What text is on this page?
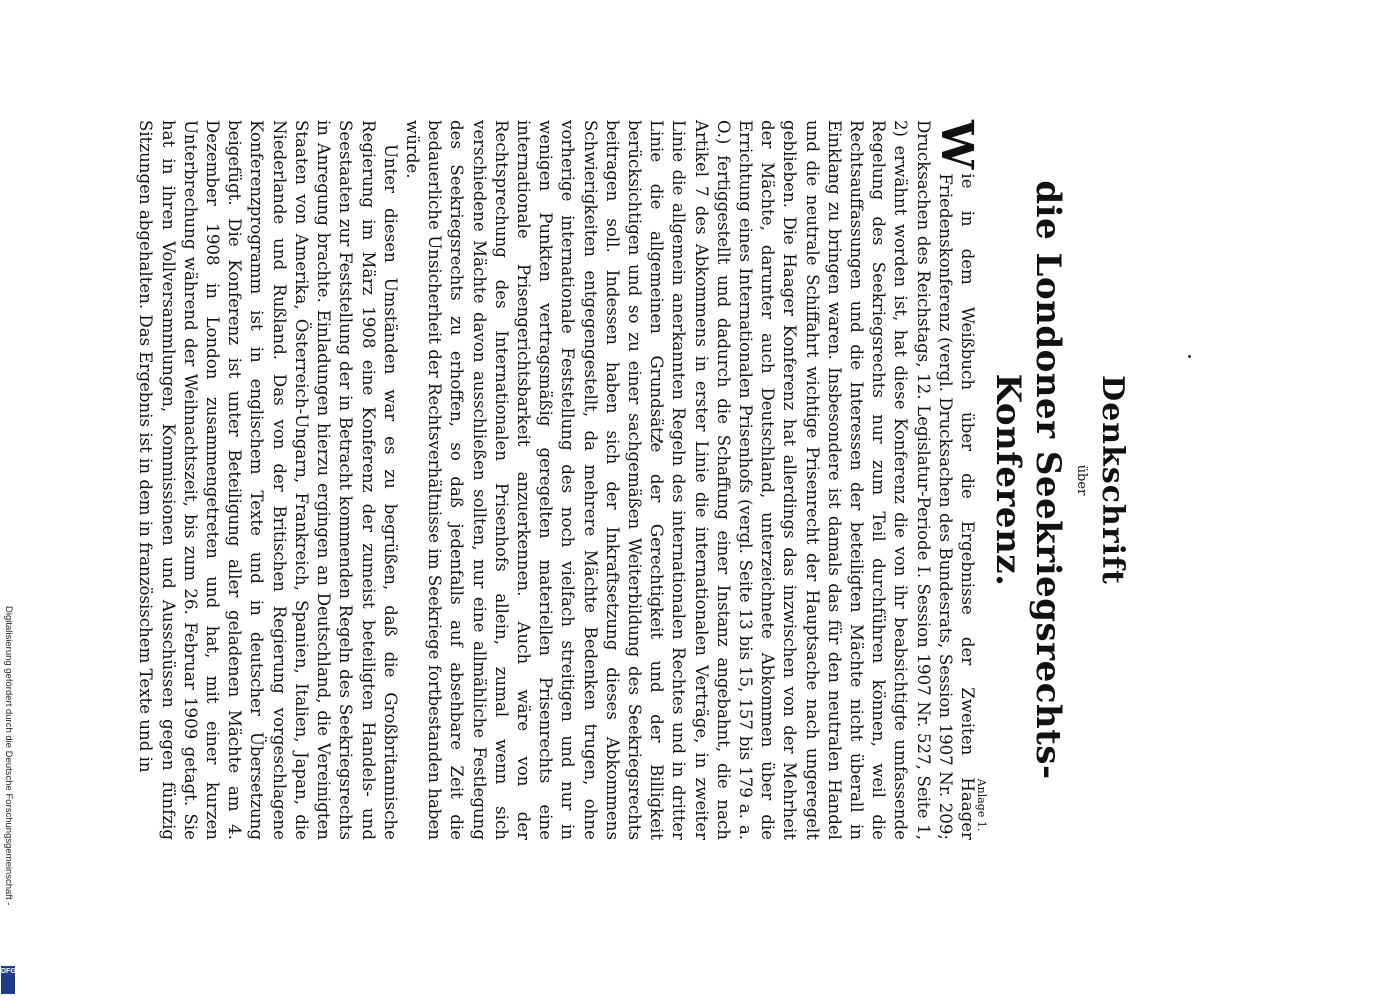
Digitalisierung gefördert durch die Deutsche Forschungsgemeinschaft -
DFG
Denkschrift
über
die Londoner Seekriegsrechts-Konferenz.
Anlage 1.

W
ie in dem Weißbuch über die Ergebnisse der Zweiten Haager Friedenskonferenz (vergl. Drucksachen des Bundesrats, Session 1907 Nr. 209; Drucksachen des Reichstags, 12. Legislatur-Periode I. Session 1907 Nr. 527, Seite 1, 2) erwähnt worden ist, hat diese Konferenz die von ihr beabsichtigte umfassende Regelung des Seekriegsrechts nur zum Teil durchführen können, weil die Rechtsauffassungen und die Interessen der beteiligten Mächte nicht überall in Einklang zu bringen waren. Insbesondere ist damals das für den neutralen Handel und die neutrale Schiffahrt wichtige Prisenrecht der Hauptsache nach ungeregelt geblieben. Die Haager Konferenz hat allerdings das inzwischen von der Mehrheit der Mächte, darunter auch Deutschland, unterzeichnete Abkommen über die Errichtung eines Internationalen Prisenhofs (vergl. Seite 13 bis 15, 157 bis 179 a. a. O.) fertiggestellt und dadurch die Schaffung einer Instanz angebahnt, die nach Artikel 7 des Abkommens in erster Linie die internationalen Verträge, in zweiter Linie die allgemein anerkannten Regeln des internationalen Rechtes und in dritter Linie die allgemeinen Grundsätze der Gerechtigkeit und der Billigkeit berücksichtigen und so zu einer sachgemäßen Weiterbildung des Seekriegsrechts beitragen soll. Indessen haben sich der Inkraftsetzung dieses Abkommens Schwierigkeiten entgegengestellt, da mehrere Mächte Bedenken trugen, ohne vorherige internationale Feststellung des noch vielfach streitigen und nur in wenigen Punkten vertragsmäßig geregelten materiellen Prisenrechts eine internationale Prisengerichtsbarkeit anzuerkennen. Auch wäre von der Rechtsprechung des Internationalen Prisenhofs allein, zumal wenn sich verschiedene Mächte davon ausschließen sollten, nur eine allmähliche Festlegung des Seekriegsrechts zu erhoffen, so daß jedenfalls auf absehbare Zeit die bedauerliche Unsicherheit der Rechtsverhältnisse im Seekriege fortbestanden haben würde.

Unter diesen Umständen war es zu begrüßen, daß die Großbritannische Regierung im März 1908 eine Konferenz der zumeist beteiligten Handels- und Seestaaten zur Feststellung der in Betracht kommenden Regeln des Seekriegsrechts in Anregung brachte. Einladungen hierzu ergingen an Deutschland, die Vereinigten Staaten von Amerika, Österreich-Ungarn, Frankreich, Spanien, Italien, Japan, die Niederlande und Rußland. Das von der Britischen Regierung vorgeschlagene Konferenzprogramm ist in englischem Texte und in deutscher Übersetzung beigefügt. Die Konferenz ist unter Beteiligung aller geladenen Mächte am 4. Dezember 1908 in London zusammengetreten und hat, mit einer kurzen Unterbrechung während der Weihnachtszeit, bis zum 26. Februar 1909 getagt. Sie hat in ihren Vollversammlungen, Kommissionen und Ausschüssen gegen fünfzig Sitzungen abgehalten. Das Ergebnis ist in dem in französischem Texte und in
